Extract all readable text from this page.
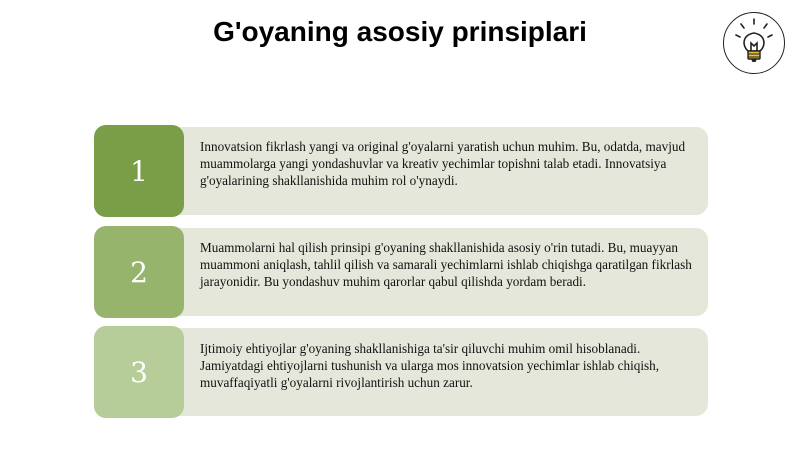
G'oyaning asosiy prinsiplari
1

Innovatsion fikrlash yangi va original g'oyalarni yaratish uchun muhim. Bu, odatda, mavjud muammolarga yangi yondashuvlar va kreativ yechimlar topishni talab etadi. Innovatsiya g'oyalarining shakllanishida muhim rol o'ynaydi.

2

Muammolarni hal qilish prinsipi g'oyaning shakllanishida asosiy o'rin tutadi. Bu, muayyan muammoni aniqlash, tahlil qilish va samarali yechimlarni ishlab chiqishga qaratilgan fikrlash jarayonidir. Bu yondashuv muhim qarorlar qabul qilishda yordam beradi.

3

Ijtimoiy ehtiyojlar g'oyaning shakllanishiga ta'sir qiluvchi muhim omil hisoblanadi. Jamiyatdagi ehtiyojlarni tushunish va ularga mos innovatsion yechimlar ishlab chiqish, muvaffaqiyatli g'oyalarni rivojlantirish uchun zarur.
